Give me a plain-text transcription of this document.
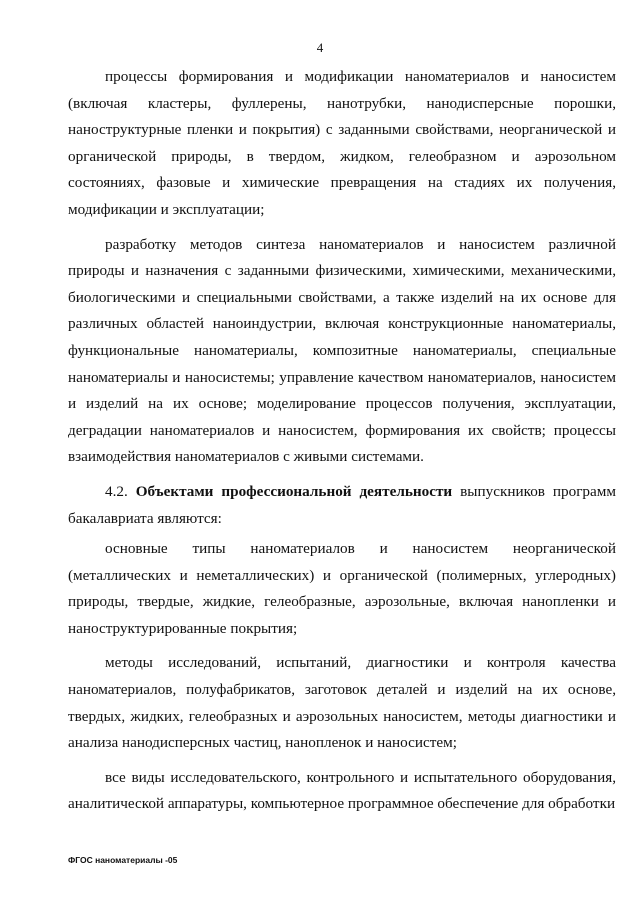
4

процессы формирования и модификации наноматериалов и наносистем (включая кластеры, фуллерены, нанотрубки, нанодисперсные порошки, наноструктурные пленки и покрытия) с заданными свойствами, неорганической и органической природы, в твердом, жидком, гелеобразном и аэрозольном состояниях, фазовые и химические превращения на стадиях их получения, модификации и эксплуатации;

разработку методов синтеза наноматериалов и наносистем различной природы и назначения с заданными физическими, химическими, механическими, биологическими и специальными свойствами, а также изделий на их основе для различных областей наноиндустрии, включая конструкционные наноматериалы, функциональные наноматериалы, композитные наноматериалы, специальные наноматериалы и наносистемы; управление качеством наноматериалов, наносистем и изделий на их основе; моделирование процессов получения, эксплуатации, деградации наноматериалов и наносистем, формирования их свойств; процессы взаимодействия наноматериалов с живыми системами.

4.2. Объектами профессиональной деятельности выпускников программ бакалавриата являются:

основные типы наноматериалов и наносистем неорганической (металлических и неметаллических) и органической (полимерных, углеродных) природы, твердые, жидкие, гелеобразные, аэрозольные, включая нанопленки и наноструктурированные покрытия;

методы исследований, испытаний, диагностики и контроля качества наноматериалов, полуфабрикатов, заготовок деталей и изделий на их основе, твердых, жидких, гелеобразных и аэрозольных наносистем, методы диагностики и анализа нанодисперсных частиц, нанопленок и наносистем;

все виды исследовательского, контрольного и испытательного оборудования, аналитической аппаратуры, компьютерное программное обеспечение для обработки

ФГОС наноматериалы -05
